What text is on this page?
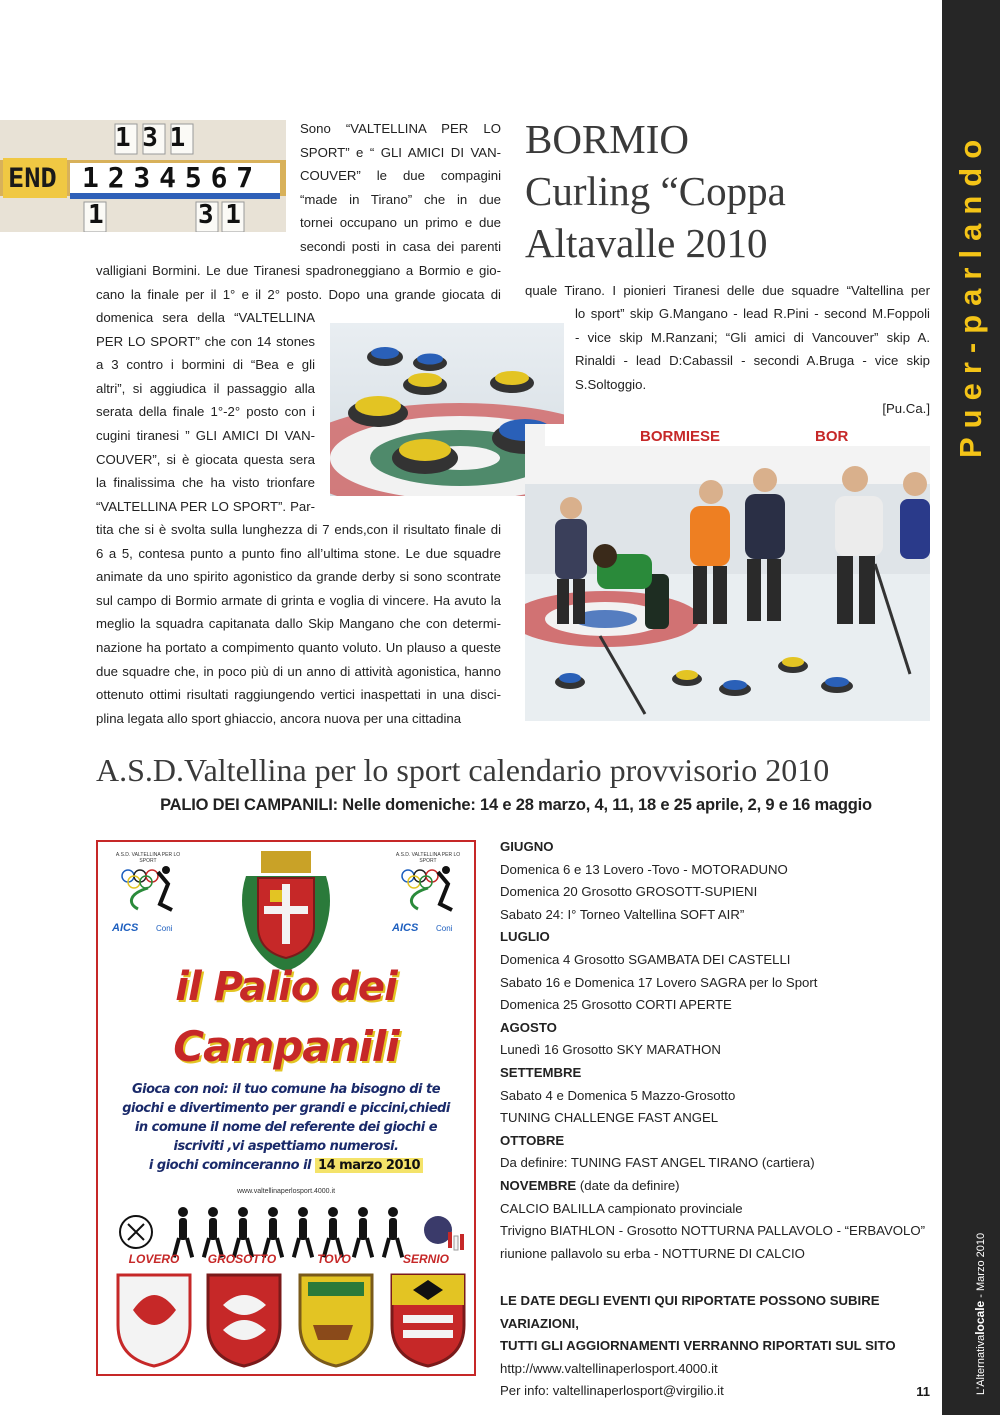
Puer-parlando
L'Alternativalocale - Marzo 2010
END 1 2 3 4 5 6 7
1 3 1
1	3 1
Sono “VALTELLINA PER LO
SPORT” e “ GLI AMICI DI VAN-
COUVER” le due compagini
“made in Tirano” che in due
tornei occupano un primo e due
secondi posti in casa dei parenti
valligiani Bormini. Le due Tiranesi spadroneggiano a Bormio e gio-
cano la finale per il 1° e il 2° posto. Dopo una grande giocata di
domenica sera della “VALTELLINA
PER LO SPORT” che con 14 stones
a 3 contro i bormini di “Bea e gli
altri”, si aggiudica il passaggio alla
serata della finale 1°-2° posto con i
cugini tiranesi ” GLI AMICI DI VAN-
COUVER”, si è giocata questa sera
la finalissima che ha visto trionfare
“VALTELLINA PER LO SPORT”. Par-
tita che si è svolta sulla lunghezza di 7 ends,con il risultato finale di
6 a 5, contesa punto a punto fino all’ultima stone. Le due squadre
animate da uno spirito agonistico da grande derby si sono scontrate
sul campo di Bormio armate di grinta e voglia di vincere. Ha avuto la
meglio la squadra capitanata dallo Skip Mangano che con determi-
nazione ha portato a compimento quanto voluto. Un plauso a queste
due squadre che, in poco più di un anno di attività agonistica, hanno
ottenuto ottimi risultati raggiungendo vertici inaspettati in una disci-
plina legata allo sport ghiaccio, ancora nuova per una cittadina
BORMIO
Curling “Coppa
Altavalle 2010
quale Tirano. I pionieri Tiranesi delle due squadre “Valtellina per
lo sport” skip G.Mangano - lead R.Pini - second M.Foppoli
- vice skip M.Ranzani; “Gli amici di Vancouver” skip A.
Rinaldi - lead D:Cabassil - secondi A.Bruga - vice skip
S.Soltoggio.
[Pu.Ca.]
BORMIESE	BOR
A.S.D.Valtellina per lo sport calendario provvisorio 2010
PALIO DEI CAMPANILI: Nelle domeniche: 14 e 28 marzo, 4, 11, 18 e 25 aprile, 2, 9 e 16 maggio
A.S.D. VALTELLINA PER LO SPORT
AICS Coni
A.S.D. VALTELLINA PER LO SPORT
AICS Coni
il Palio dei
Campanili
Gioca con noi: il tuo comune ha bisogno di te
giochi e divertimento per grandi e piccini,chiedi
in comune il nome del referente dei giochi e
iscriviti ,vi aspettiamo numerosi.
i giochi cominceranno il 14 marzo 2010
www.valtellinaperlosport.4000.it
LOVERO	GROSOTTO	TOVO	SERNIO
GIUGNO
Domenica 6 e 13 Lovero -Tovo - MOTORADUNO
Domenica 20 Grosotto GROSOTT-SUPIENI
Sabato 24: I° Torneo Valtellina SOFT AIR”
LUGLIO
Domenica 4 Grosotto SGAMBATA DEI CASTELLI
Sabato 16 e Domenica 17 Lovero SAGRA per lo Sport
Domenica 25 Grosotto CORTI APERTE
AGOSTO
Lunedì 16 Grosotto SKY MARATHON
SETTEMBRE
Sabato 4 e Domenica 5 Mazzo-Grosotto
TUNING CHALLENGE FAST ANGEL
OTTOBRE
Da definire: TUNING FAST ANGEL TIRANO (cartiera)
NOVEMBRE (date da definire)
CALCIO BALILLA campionato provinciale
Trivigno BIATHLON - Grosotto NOTTURNA PALLAVOLO - “ERBAVOLO”
riunione pallavolo su erba - NOTTURNE DI CALCIO
LE DATE DEGLI EVENTI QUI RIPORTATE POSSONO SUBIRE VARIAZIONI,
TUTTI GLI AGGIORNAMENTI VERRANNO RIPORTATI SUL SITO
http://www.valtellinaperlosport.4000.it
Per info: valtellinaperlosport@virgilio.it	11
